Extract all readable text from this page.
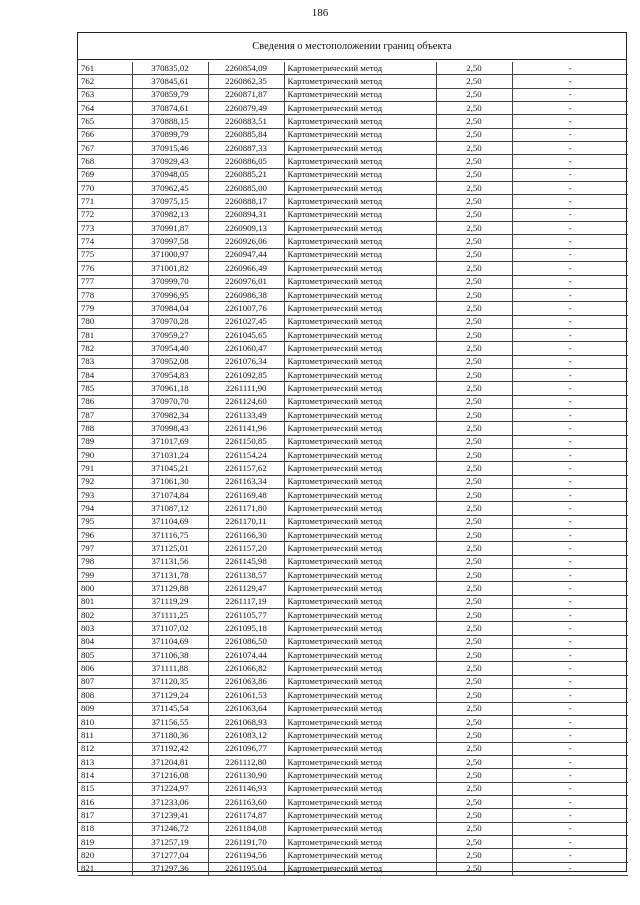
186
Сведения о местоположении границ объекта
761	370835,02	2260854,09	Картометрический метод	2,50	-
762	370845,61	2260862,35	Картометрический метод	2,50	-
763	370859,79	2260871,87	Картометрический метод	2,50	-
764	370874,61	2260879,49	Картометрический метод	2,50	-
765	370888,15	2260883,51	Картометрический метод	2,50	-
766	370899,79	2260885,84	Картометрический метод	2,50	-
767	370915,46	2260887,33	Картометрический метод	2,50	-
768	370929,43	2260886,05	Картометрический метод	2,50	-
769	370948,05	2260885,21	Картометрический метод	2,50	-
770	370962,45	2260885,00	Картометрический метод	2,50	-
771	370975,15	2260888,17	Картометрический метод	2,50	-
772	370982,13	2260894,31	Картометрический метод	2,50	-
773	370991,87	2260909,13	Картометрический метод	2,50	-
774	370997,58	2260926,06	Картометрический метод	2,50	-
775	371000,97	2260947,44	Картометрический метод	2,50	-
776	371001,82	2260966,49	Картометрический метод	2,50	-
777	370999,70	2260976,01	Картометрический метод	2,50	-
778	370996,95	2260986,38	Картометрический метод	2,50	-
779	370984,04	2261007,76	Картометрический метод	2,50	-
780	370970,28	2261027,45	Картометрический метод	2,50	-
781	370959,27	2261045,65	Картометрический метод	2,50	-
782	370954,40	2261060,47	Картометрический метод	2,50	-
783	370952,08	2261076,34	Картометрический метод	2,50	-
784	370954,83	2261092,85	Картометрический метод	2,50	-
785	370961,18	2261111,90	Картометрический метод	2,50	-
786	370970,70	2261124,60	Картометрический метод	2,50	-
787	370982,34	2261133,49	Картометрический метод	2,50	-
788	370998,43	2261141,96	Картометрический метод	2,50	-
789	371017,69	2261150,85	Картометрический метод	2,50	-
790	371031,24	2261154,24	Картометрический метод	2,50	-
791	371045,21	2261157,62	Картометрический метод	2,50	-
792	371061,30	2261163,34	Картометрический метод	2,50	-
793	371074,84	2261169,48	Картометрический метод	2,50	-
794	371087,12	2261171,80	Картометрический метод	2,50	-
795	371104,69	2261170,11	Картометрический метод	2,50	-
796	371116,75	2261166,30	Картометрический метод	2,50	-
797	371125,01	2261157,20	Картометрический метод	2,50	-
798	371131,56	2261145,98	Картометрический метод	2,50	-
799	371131,78	2261138,57	Картометрический метод	2,50	-
800	371129,88	2261129,47	Картометрический метод	2,50	-
801	371119,29	2261117,19	Картометрический метод	2,50	-
802	371111,25	2261105,77	Картометрический метод	2,50	-
803	371107,02	2261095,18	Картометрический метод	2,50	-
804	371104,69	2261086,50	Картометрический метод	2,50	-
805	371106,38	2261074,44	Картометрический метод	2,50	-
806	371111,88	2261066,82	Картометрический метод	2,50	-
807	371120,35	2261063,86	Картометрический метод	2,50	-
808	371129,24	2261061,53	Картометрический метод	2,50	-
809	371145,54	2261063,64	Картометрический метод	2,50	-
810	371156,55	2261068,93	Картометрический метод	2,50	-
811	371180,36	2261083,12	Картометрический метод	2,50	-
812	371192,42	2261096,77	Картометрический метод	2,50	-
813	371204,81	2261112,80	Картометрический метод	2,50	-
814	371216,08	2261130,90	Картометрический метод	2,50	-
815	371224,97	2261146,93	Картометрический метод	2,50	-
816	371233,06	2261163,60	Картометрический метод	2,50	-
817	371239,41	2261174,87	Картометрический метод	2,50	-
818	371246,72	2261184,08	Картометрический метод	2,50	-
819	371257,19	2261191,70	Картометрический метод	2,50	-
820	371277,04	2261194,56	Картометрический метод	2,50	-
821	371297,36	2261195,04	Картометрический метод	2,50	-
